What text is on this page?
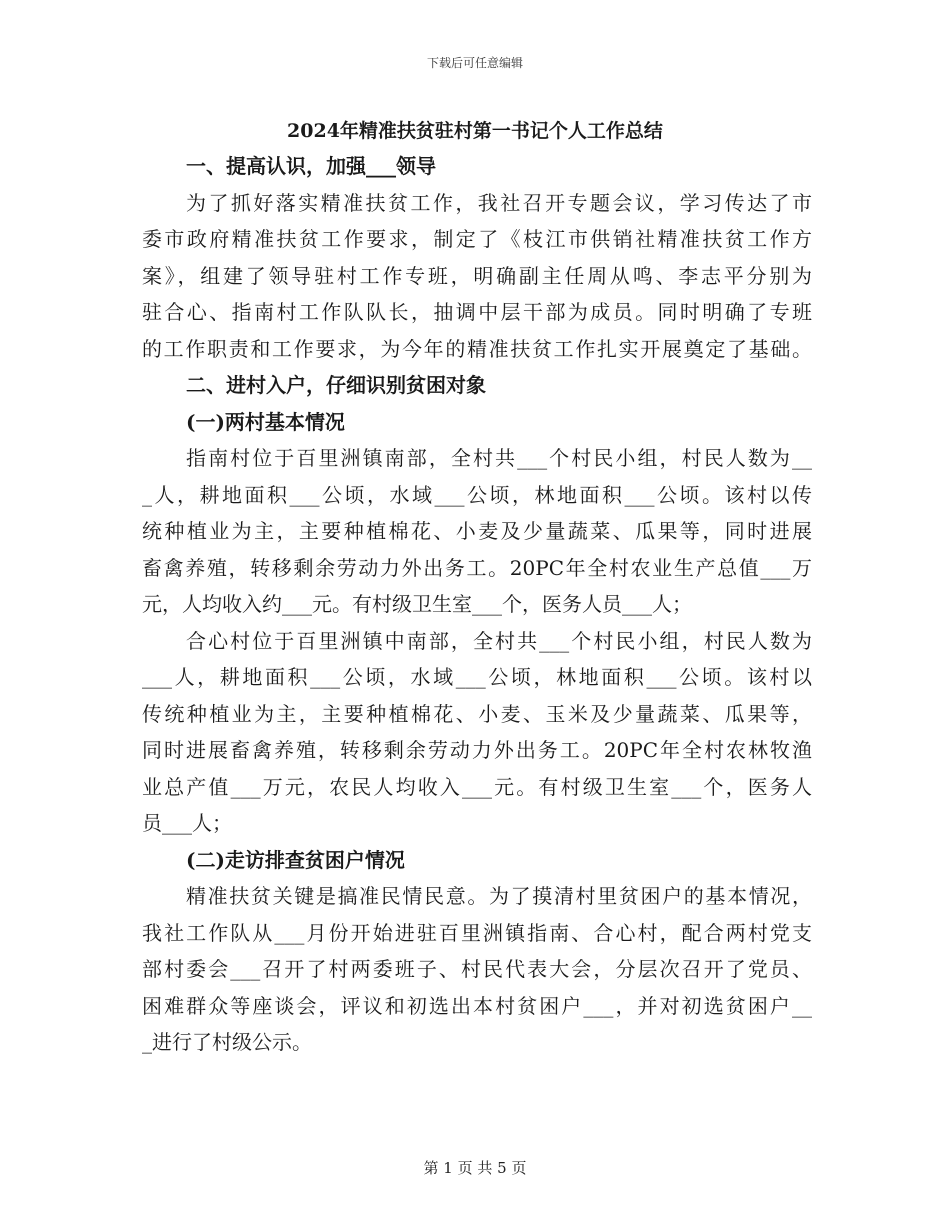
下载后可任意编辑
2024年精准扶贫驻村第一书记个人工作总结
一、提高认识，加强___领导
为了抓好落实精准扶贫工作，我社召开专题会议，学习传达了市
委市政府精准扶贫工作要求，制定了《枝江市供销社精准扶贫工作方
案》，组建了领导驻村工作专班，明确副主任周从鸣、李志平分别为
驻合心、指南村工作队队长，抽调中层干部为成员。同时明确了专班
的工作职责和工作要求，为今年的精准扶贫工作扎实开展奠定了基础。
二、进村入户，仔细识别贫困对象
(一)两村基本情况
指南村位于百里洲镇南部，全村共___个村民小组，村民人数为__
_人，耕地面积___公顷，水域___公顷，林地面积___公顷。该村以传
统种植业为主，主要种植棉花、小麦及少量蔬菜、瓜果等，同时进展
畜禽养殖，转移剩余劳动力外出务工。20PC年全村农业生产总值___万
元，人均收入约___元。有村级卫生室___个，医务人员___人；
合心村位于百里洲镇中南部，全村共___个村民小组，村民人数为
___人，耕地面积___公顷，水域___公顷，林地面积___公顷。该村以
传统种植业为主，主要种植棉花、小麦、玉米及少量蔬菜、瓜果等，
同时进展畜禽养殖，转移剩余劳动力外出务工。20PC年全村农林牧渔
业总产值___万元，农民人均收入___元。有村级卫生室___个，医务人
员___人；
(二)走访排查贫困户情况
精准扶贫关键是搞准民情民意。为了摸清村里贫困户的基本情况，
我社工作队从___月份开始进驻百里洲镇指南、合心村，配合两村党支
部村委会___召开了村两委班子、村民代表大会，分层次召开了党员、
困难群众等座谈会，评议和初选出本村贫困户___，并对初选贫困户__
_进行了村级公示。
第 1 页 共 5 页
